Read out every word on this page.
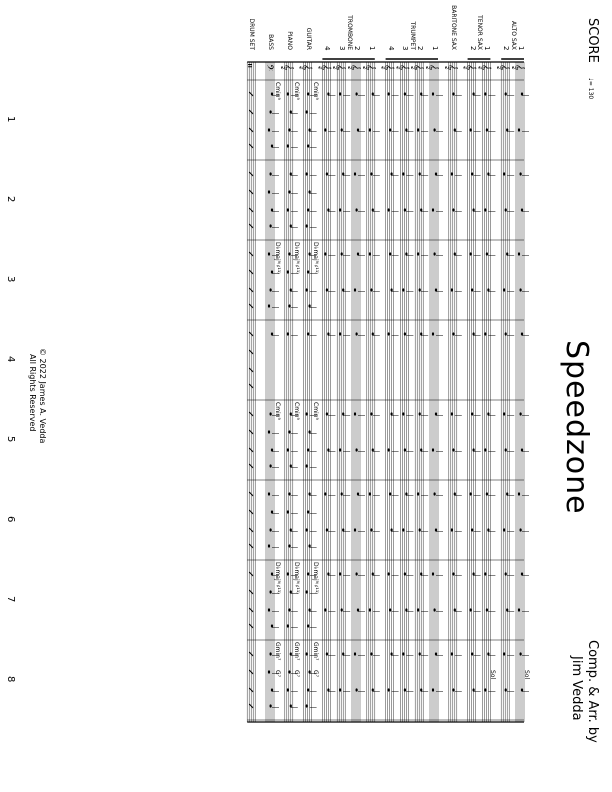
𝄞
𝄞
𝄞
𝄞
𝄞
𝄞
𝄞
𝄞
𝄞
𝄞
𝄞
𝄞
𝄞
𝄞
𝄞
𝄢
𝄥
SCORE
Speedzone
Comp. & Arr. by
Jim Vedda
ALTO SAX 1
2
TENOR SAX 1
2
BARITONE SAX
TRUMPET 1
2
3
4
TROMBONE 1
2
3
4
GUITAR
PIANO
BASS
DRUM SET
1
2
3
4
5
6
7
8
Cmin⁹
D♭maj⁹⁽♯¹¹⁾
Cmin⁹
D♭maj⁹⁽♯¹¹⁾
Gmin⁷
G⁷
Cmin⁹
D♭maj⁹⁽♯¹¹⁾
Cmin⁹
D♭maj⁹⁽♯¹¹⁾
Gmin⁷
G⁷
Cmin⁹
D♭maj⁹⁽♯¹¹⁾
Cmin⁹
D♭maj⁹⁽♯¹¹⁾
Gmin⁷
G⁷	Sol
Sol
♩= 130
© 2022 James A. Vedda
All Rights Reserved
